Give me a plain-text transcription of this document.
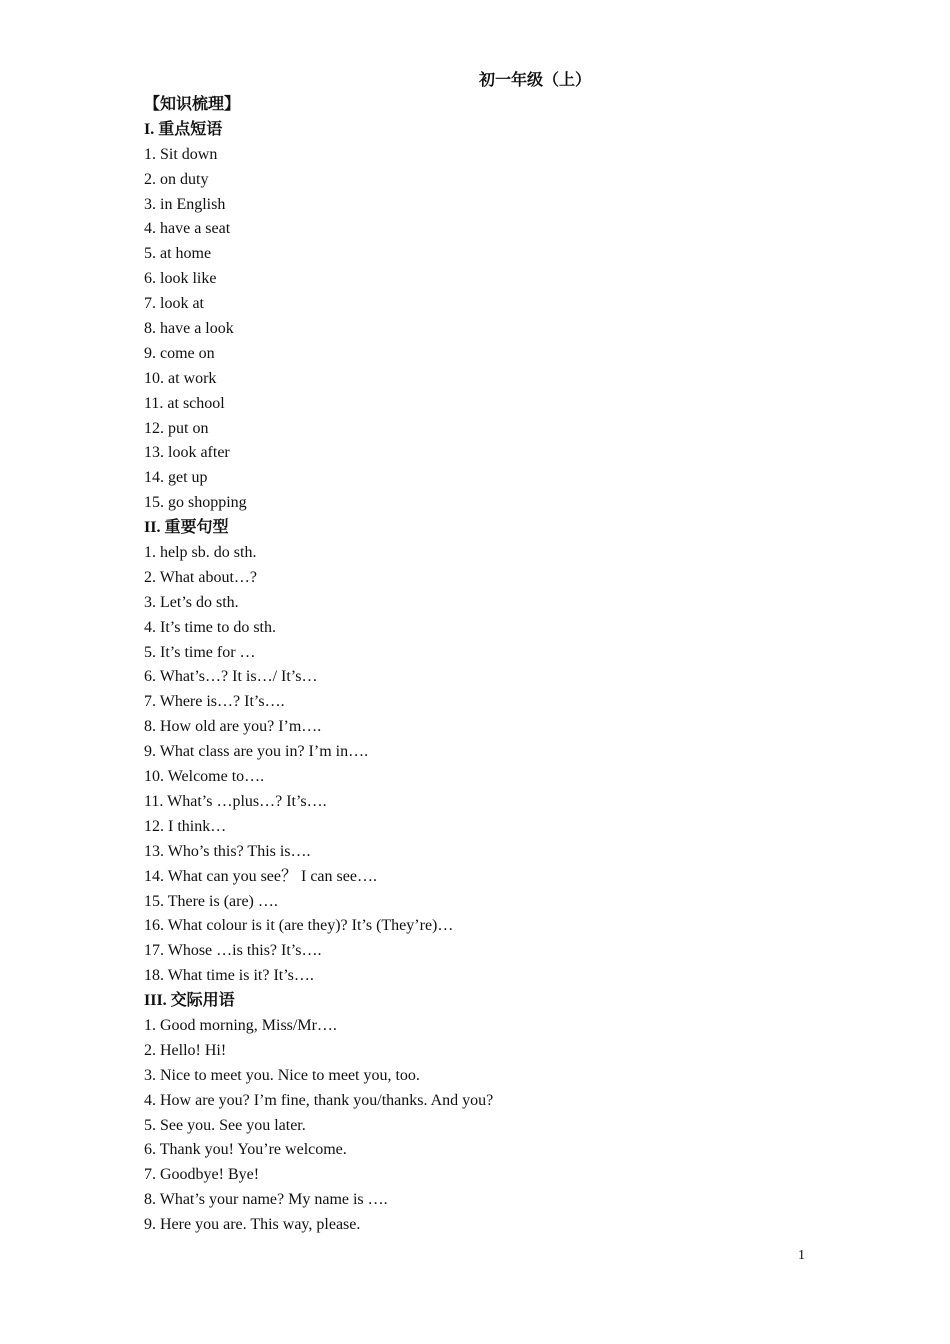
初一年级（上）
【知识梳理】
I. 重点短语
1. Sit down
2. on duty
3. in English
4. have a seat
5. at home
6. look like
7. look at
8. have a look
9. come on
10. at work
11. at school
12. put on
13. look after
14. get up
15. go shopping
II. 重要句型
1. help sb. do sth.
2. What about…?
3. Let’s do sth.
4. It’s time to do sth.
5. It’s time for …
6. What’s…? It is…/ It’s…
7. Where is…? It’s….
8. How old are you? I’m….
9. What class are you in? I’m in….
10. Welcome to….
11. What’s …plus…? It’s….
12. I think…
13. Who’s this? This is….
14. What can you see？ I can see….
15. There is (are) ….
16. What colour is it (are they)? It’s (They’re)…
17. Whose …is this? It’s….
18. What time is it? It’s….
III. 交际用语
1. Good morning, Miss/Mr….
2. Hello! Hi!
3. Nice to meet you. Nice to meet you, too.
4. How are you? I’m fine, thank you/thanks. And you?
5. See you. See you later.
6. Thank you! You’re welcome.
7. Goodbye! Bye!
8. What’s your name? My name is ….
9. Here you are. This way, please.
1
